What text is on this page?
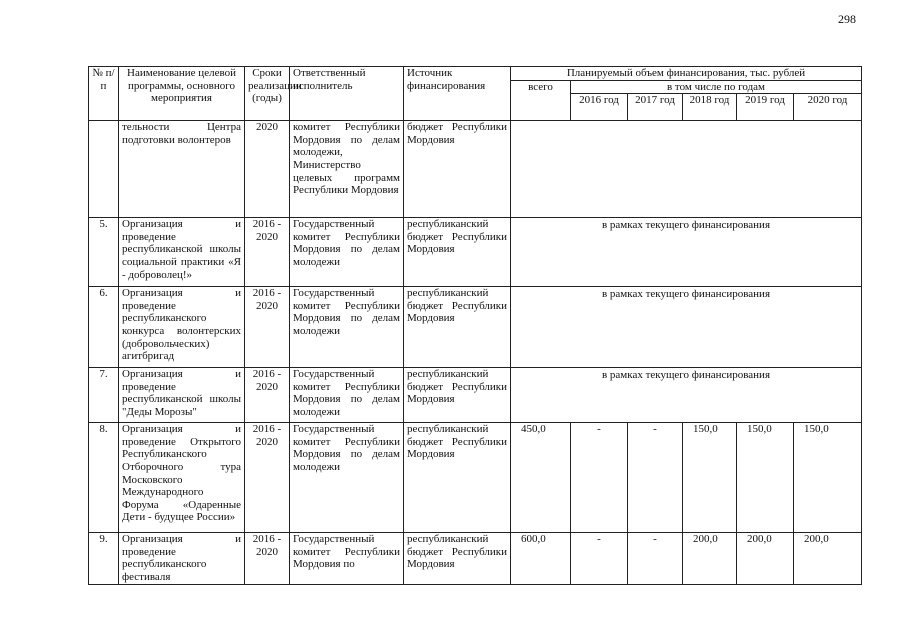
298
№ п/п	Наименование целевой программы, основного мероприятия	Сроки реализации (годы)	Ответственный исполнитель	Источник финансирования	Планируемый объем финансирования, тыс. рублей					
					всего	в том числе по годам				
						2016 год	2017 год	2018 год	2019 год	2020 год
	тельности Центра подготовки волонтеров	2020	комитет Республики Мордовия по делам молодежи, Министерство целевых программ Республики Мордовия	бюджет Республики Мордовия						
5.	Организация и проведение республиканской школы социальной практики «Я - доброволец!»	2016 - 2020	Государственный комитет Республики Мордовия по делам молодежи	республиканский бюджет Республики Мордовия	в рамках текущего финансирования					
6.	Организация и проведение республиканского конкурса волонтерских (добровольческих) агитбригад	2016 - 2020	Государственный комитет Республики Мордовия по делам молодежи	республиканский бюджет Республики Мордовия	в рамках текущего финансирования					
7.	Организация и проведение республиканской школы "Деды Морозы"	2016 - 2020	Государственный комитет Республики Мордовия по делам молодежи	республиканский бюджет Республики Мордовия	в рамках текущего финансирования					
8.	Организация и проведение Открытого Республиканского Отборочного тура Московского Международного Форума «Одаренные Дети - будущее России»	2016 - 2020	Государственный комитет Республики Мордовия по делам молодежи	республиканский бюджет Республики Мордовия	450,0	-	-	150,0	150,0	150,0
9.	Организация и проведение республиканского фестиваля	2016 - 2020	Государственный комитет Республики Мордовия по	республиканский бюджет Республики Мордовия	600,0	-	-	200,0	200,0	200,0
